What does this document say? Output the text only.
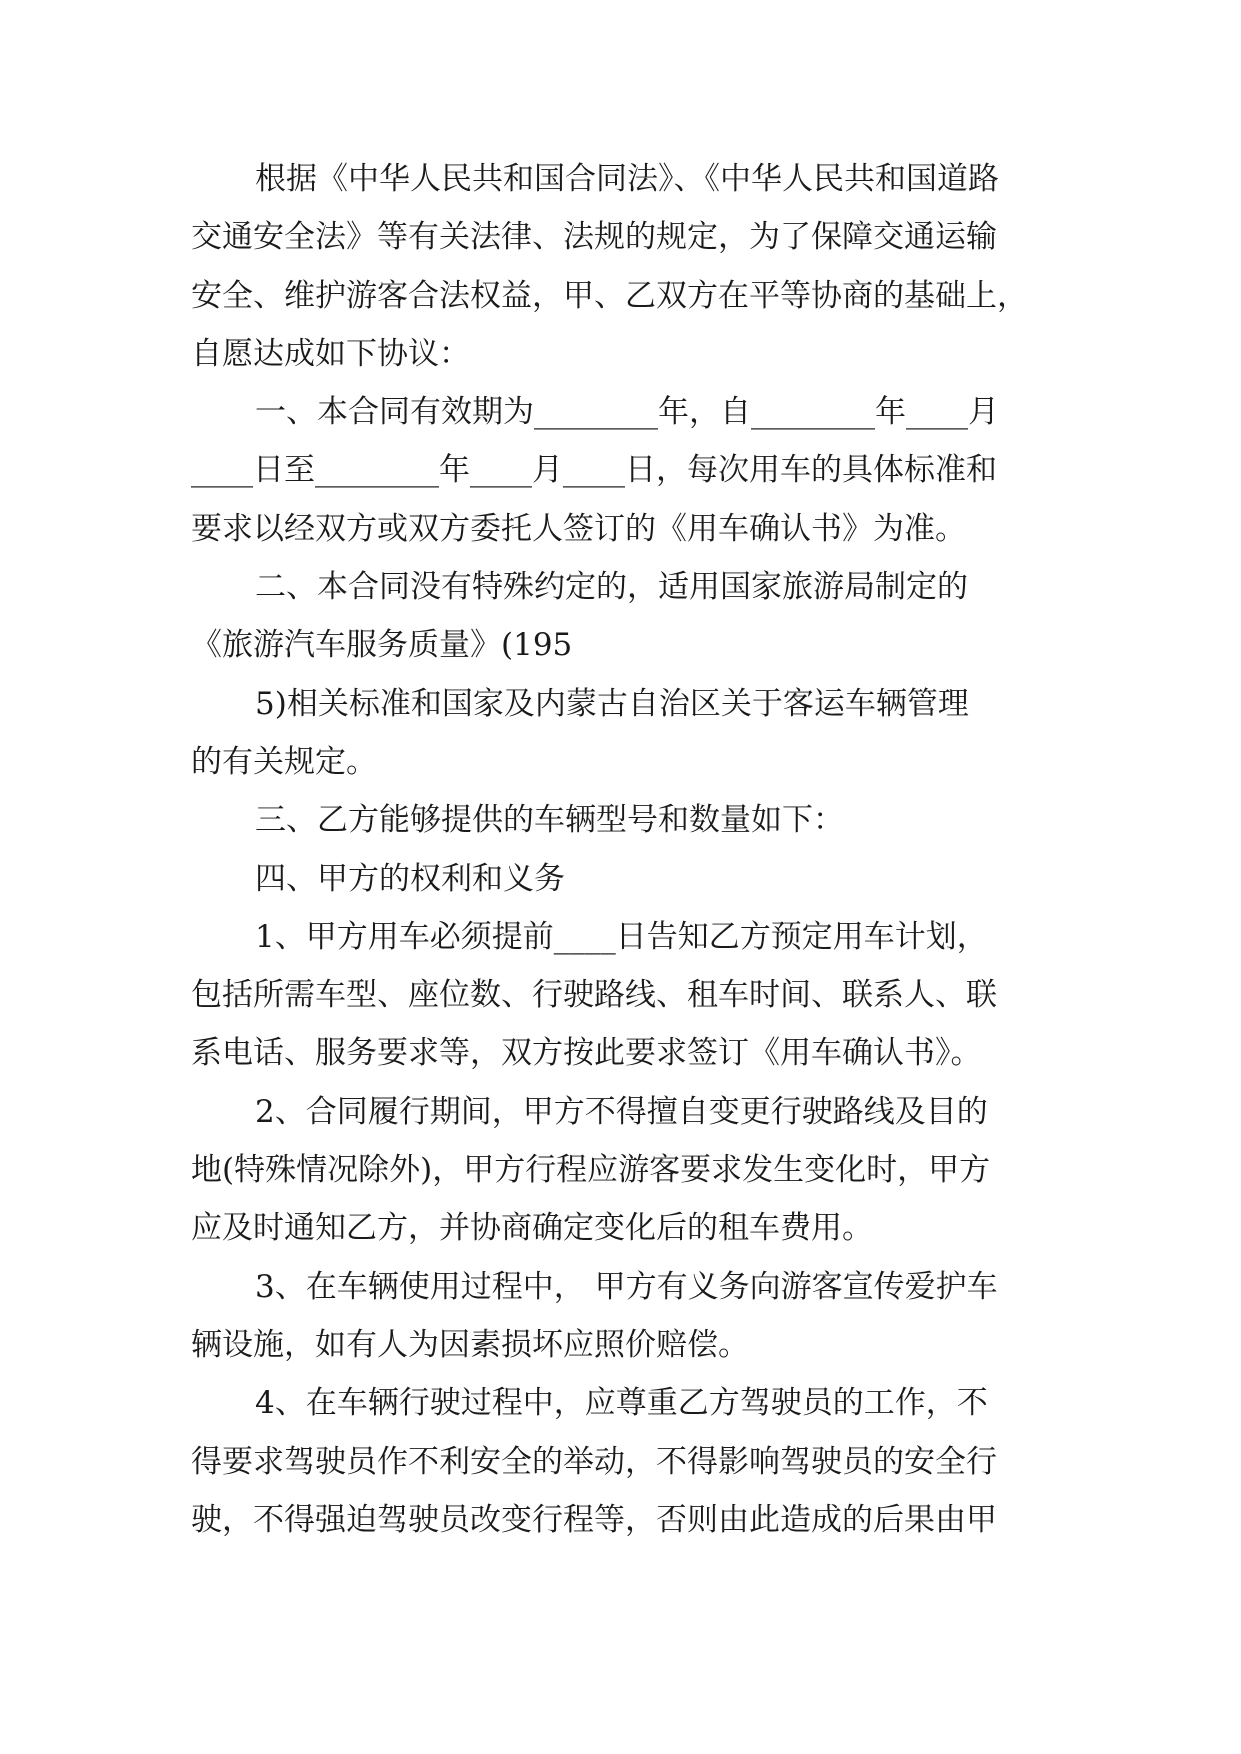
根据《中华人民共和国合同法》、《中华人民共和国道路
交通安全法》等有关法律、法规的规定，为了保障交通运输
安全、维护游客合法权益，甲、乙双方在平等协商的基础上，
自愿达成如下协议：
一、本合同有效期为________年，自________年____月
____日至________年____月____日，每次用车的具体标准和
要求以经双方或双方委托人签订的《用车确认书》为准。
二、本合同没有特殊约定的，适用国家旅游局制定的
《旅游汽车服务质量》(195
5)相关标准和国家及内蒙古自治区关于客运车辆管理
的有关规定。
三、乙方能够提供的车辆型号和数量如下：
四、甲方的权利和义务
1、甲方用车必须提前____日告知乙方预定用车计划，
包括所需车型、座位数、行驶路线、租车时间、联系人、联
系电话、服务要求等，双方按此要求签订《用车确认书》。
2、合同履行期间，甲方不得擅自变更行驶路线及目的
地(特殊情况除外)，甲方行程应游客要求发生变化时，甲方
应及时通知乙方，并协商确定变化后的租车费用。
3、在车辆使用过程中， 甲方有义务向游客宣传爱护车
辆设施，如有人为因素损坏应照价赔偿。
4、在车辆行驶过程中，应尊重乙方驾驶员的工作，不
得要求驾驶员作不利安全的举动，不得影响驾驶员的安全行
驶，不得强迫驾驶员改变行程等，否则由此造成的后果由甲
